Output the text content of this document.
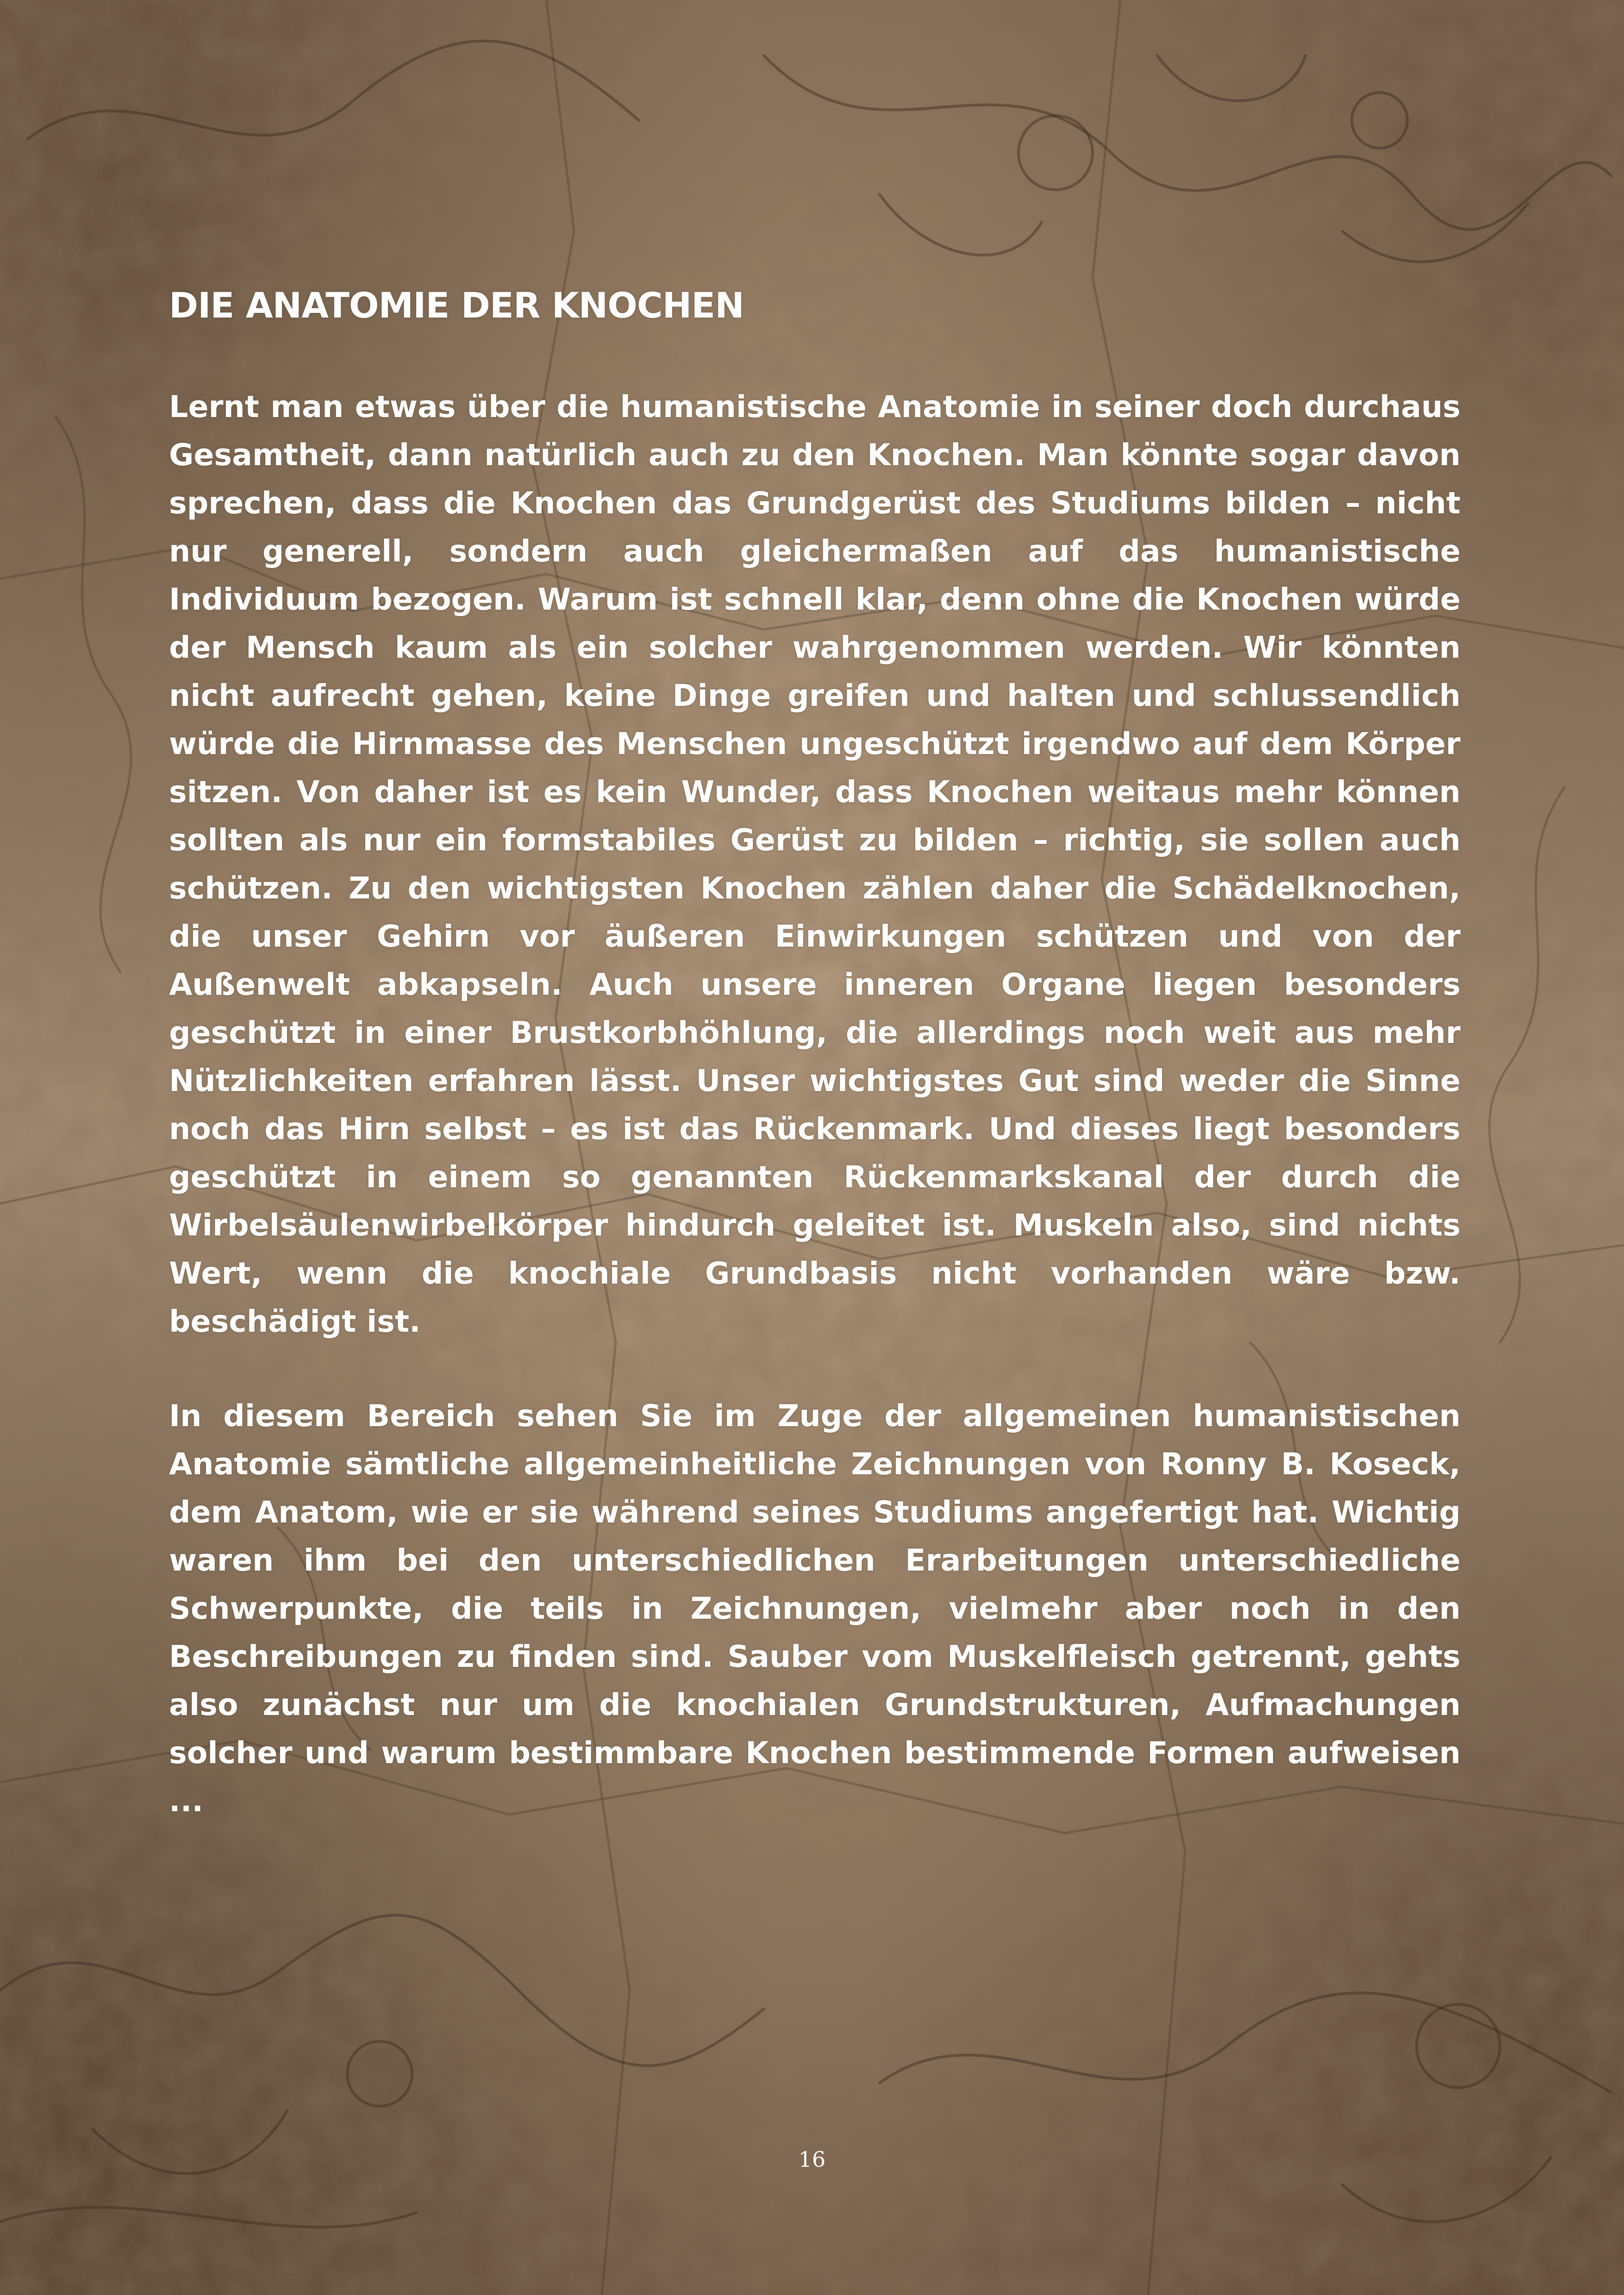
DIE ANATOMIE DER KNOCHEN

Lernt man etwas über die humanistische Anatomie in seiner doch durchaus Gesamtheit, dann natürlich auch zu den Knochen. Man könnte sogar davon sprechen, dass die Knochen das Grundgerüst des Studiums bilden – nicht nur generell, sondern auch gleichermaßen auf das humanistische Individuum bezogen. Warum ist schnell klar, denn ohne die Knochen würde der Mensch kaum als ein solcher wahrgenommen werden. Wir könnten nicht aufrecht gehen, keine Dinge greifen und halten und schlussendlich würde die Hirnmasse des Menschen ungeschützt irgendwo auf dem Körper sitzen. Von daher ist es kein Wunder, dass Knochen weitaus mehr können sollten als nur ein formstabiles Gerüst zu bilden – richtig, sie sollen auch schützen. Zu den wichtigsten Knochen zählen daher die Schädelknochen, die unser Gehirn vor äußeren Einwirkungen schützen und von der Außenwelt abkapseln. Auch unsere inneren Organe liegen besonders geschützt in einer Brustkorbhöhlung, die allerdings noch weit aus mehr Nützlichkeiten erfahren lässt. Unser wichtigstes Gut sind weder die Sinne noch das Hirn selbst – es ist das Rückenmark. Und dieses liegt besonders geschützt in einem so genannten Rückenmarkskanal der durch die Wirbelsäulenwirbelkörper hindurch geleitet ist. Muskeln also, sind nichts Wert, wenn die knochiale Grundbasis nicht vorhanden wäre bzw. beschädigt ist.

In diesem Bereich sehen Sie im Zuge der allgemeinen humanistischen Anatomie sämtliche allgemeinheitliche Zeichnungen von Ronny B. Koseck, dem Anatom, wie er sie während seines Studiums angefertigt hat. Wichtig waren ihm bei den unterschiedlichen Erarbeitungen unterschiedliche Schwerpunkte, die teils in Zeichnungen, vielmehr aber noch in den Beschreibungen zu finden sind. Sauber vom Muskelfleisch getrennt, gehts also zunächst nur um die knochialen Grundstrukturen, Aufmachungen solcher und warum bestimmbare Knochen bestimmende Formen aufweisen ...

16
